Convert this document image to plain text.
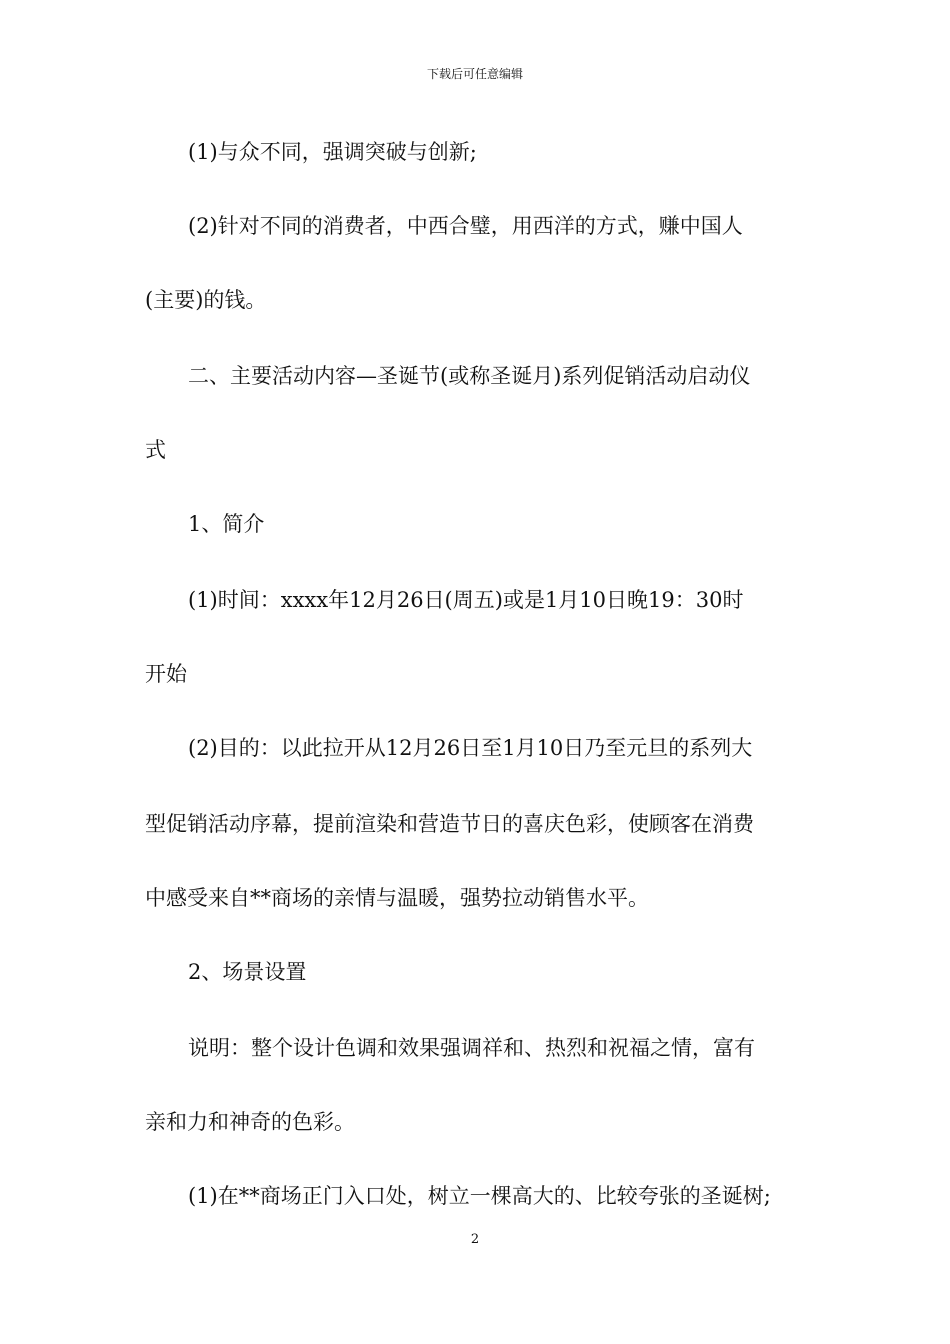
下载后可任意编辑
(1)与众不同，强调突破与创新;
(2)针对不同的消费者，中西合璧，用西洋的方式，赚中国人
(主要)的钱。
二、主要活动内容—圣诞节(或称圣诞月)系列促销活动启动仪
式
1、简介
(1)时间：xxxx年12月26日(周五)或是1月10日晚19：30时
开始
(2)目的：以此拉开从12月26日至1月10日乃至元旦的系列大
型促销活动序幕，提前渲染和营造节日的喜庆色彩，使顾客在消费
中感受来自**商场的亲情与温暖，强势拉动销售水平。
2、场景设置
说明：整个设计色调和效果强调祥和、热烈和祝福之情，富有
亲和力和神奇的色彩。
(1)在**商场正门入口处，树立一棵高大的、比较夸张的圣诞树;
2
